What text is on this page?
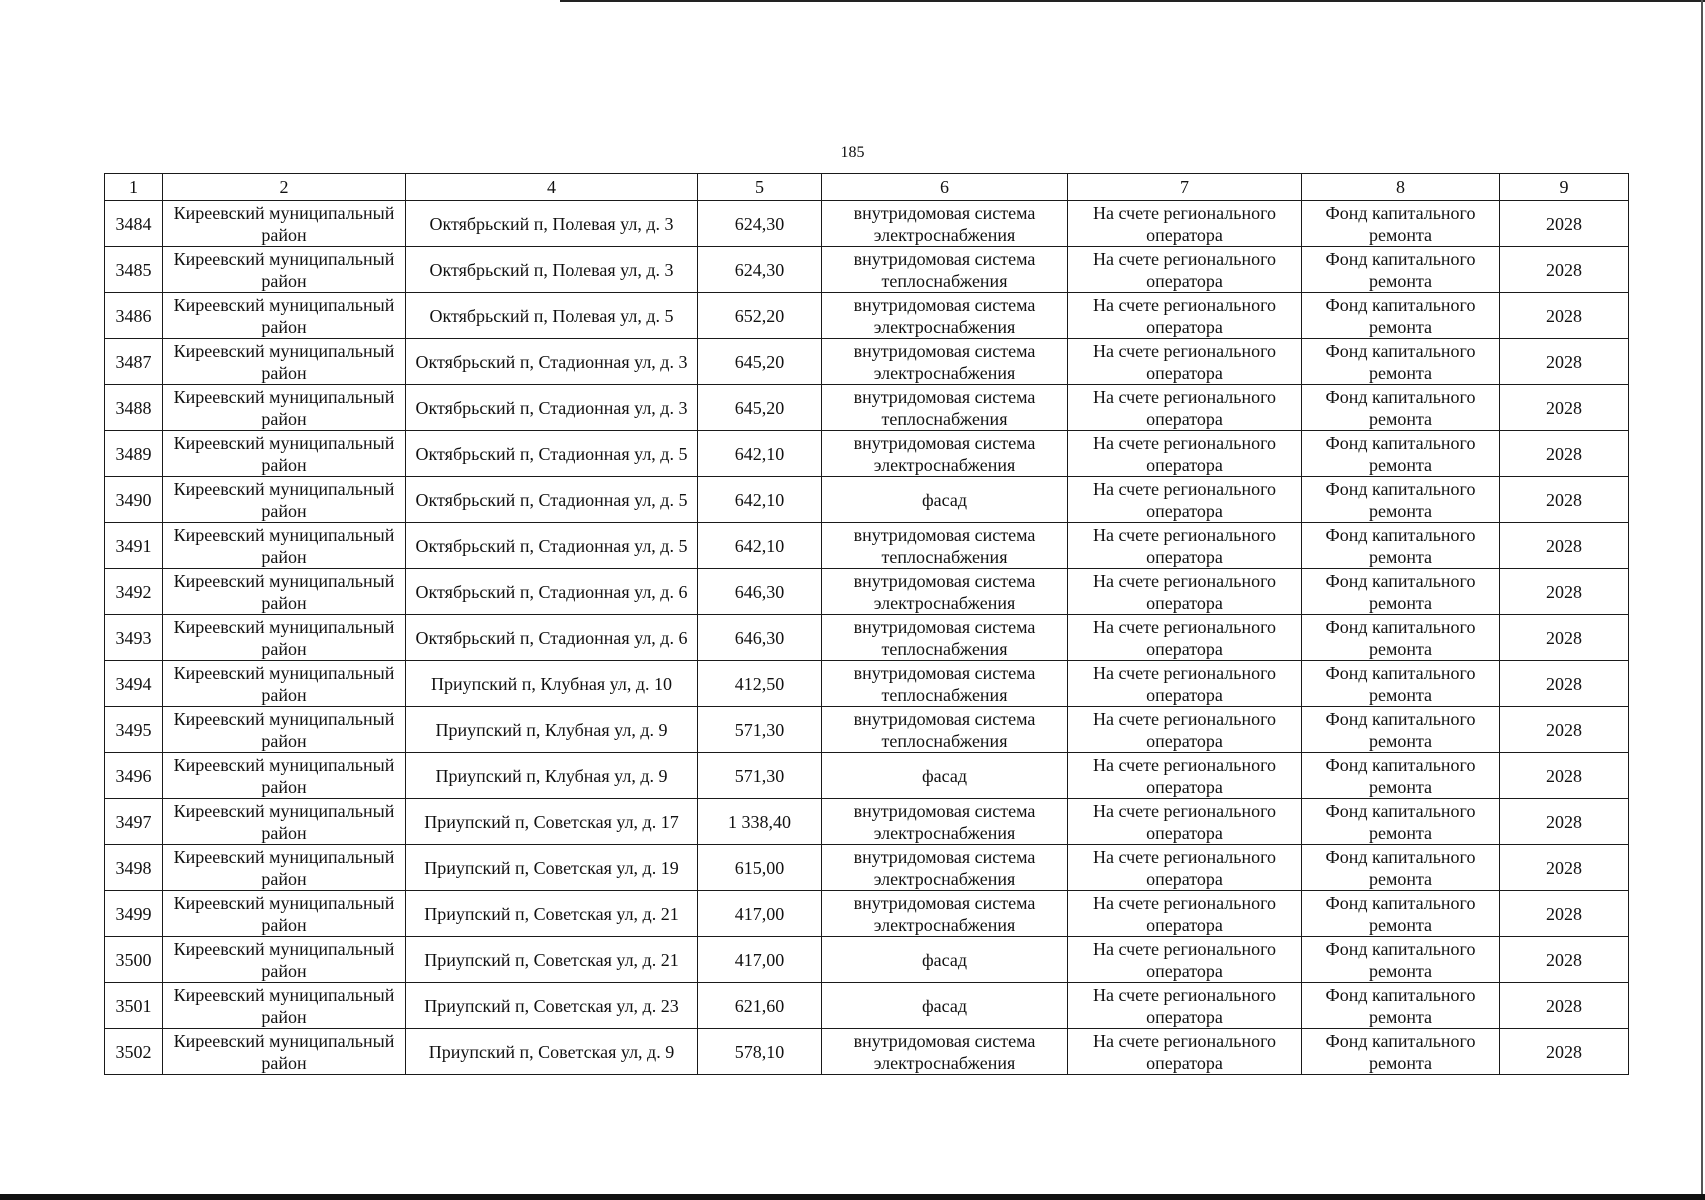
185
1	2	4	5	6	7	8	9
3484	Киреевский муниципальный район	Октябрьский п, Полевая ул, д. 3	624,30	внутридомовая система электроснабжения	На счете регионального оператора	Фонд капитального ремонта	2028
3485	Киреевский муниципальный район	Октябрьский п, Полевая ул, д. 3	624,30	внутридомовая система теплоснабжения	На счете регионального оператора	Фонд капитального ремонта	2028
3486	Киреевский муниципальный район	Октябрьский п, Полевая ул, д. 5	652,20	внутридомовая система электроснабжения	На счете регионального оператора	Фонд капитального ремонта	2028
3487	Киреевский муниципальный район	Октябрьский п, Стадионная ул, д. 3	645,20	внутридомовая система электроснабжения	На счете регионального оператора	Фонд капитального ремонта	2028
3488	Киреевский муниципальный район	Октябрьский п, Стадионная ул, д. 3	645,20	внутридомовая система теплоснабжения	На счете регионального оператора	Фонд капитального ремонта	2028
3489	Киреевский муниципальный район	Октябрьский п, Стадионная ул, д. 5	642,10	внутридомовая система электроснабжения	На счете регионального оператора	Фонд капитального ремонта	2028
3490	Киреевский муниципальный район	Октябрьский п, Стадионная ул, д. 5	642,10	фасад	На счете регионального оператора	Фонд капитального ремонта	2028
3491	Киреевский муниципальный район	Октябрьский п, Стадионная ул, д. 5	642,10	внутридомовая система теплоснабжения	На счете регионального оператора	Фонд капитального ремонта	2028
3492	Киреевский муниципальный район	Октябрьский п, Стадионная ул, д. 6	646,30	внутридомовая система электроснабжения	На счете регионального оператора	Фонд капитального ремонта	2028
3493	Киреевский муниципальный район	Октябрьский п, Стадионная ул, д. 6	646,30	внутридомовая система теплоснабжения	На счете регионального оператора	Фонд капитального ремонта	2028
3494	Киреевский муниципальный район	Приупский п, Клубная ул, д. 10	412,50	внутридомовая система теплоснабжения	На счете регионального оператора	Фонд капитального ремонта	2028
3495	Киреевский муниципальный район	Приупский п, Клубная ул, д. 9	571,30	внутридомовая система теплоснабжения	На счете регионального оператора	Фонд капитального ремонта	2028
3496	Киреевский муниципальный район	Приупский п, Клубная ул, д. 9	571,30	фасад	На счете регионального оператора	Фонд капитального ремонта	2028
3497	Киреевский муниципальный район	Приупский п, Советская ул, д. 17	1 338,40	внутридомовая система электроснабжения	На счете регионального оператора	Фонд капитального ремонта	2028
3498	Киреевский муниципальный район	Приупский п, Советская ул, д. 19	615,00	внутридомовая система электроснабжения	На счете регионального оператора	Фонд капитального ремонта	2028
3499	Киреевский муниципальный район	Приупский п, Советская ул, д. 21	417,00	внутридомовая система электроснабжения	На счете регионального оператора	Фонд капитального ремонта	2028
3500	Киреевский муниципальный район	Приупский п, Советская ул, д. 21	417,00	фасад	На счете регионального оператора	Фонд капитального ремонта	2028
3501	Киреевский муниципальный район	Приупский п, Советская ул, д. 23	621,60	фасад	На счете регионального оператора	Фонд капитального ремонта	2028
3502	Киреевский муниципальный район	Приупский п, Советская ул, д. 9	578,10	внутридомовая система электроснабжения	На счете регионального оператора	Фонд капитального ремонта	2028
